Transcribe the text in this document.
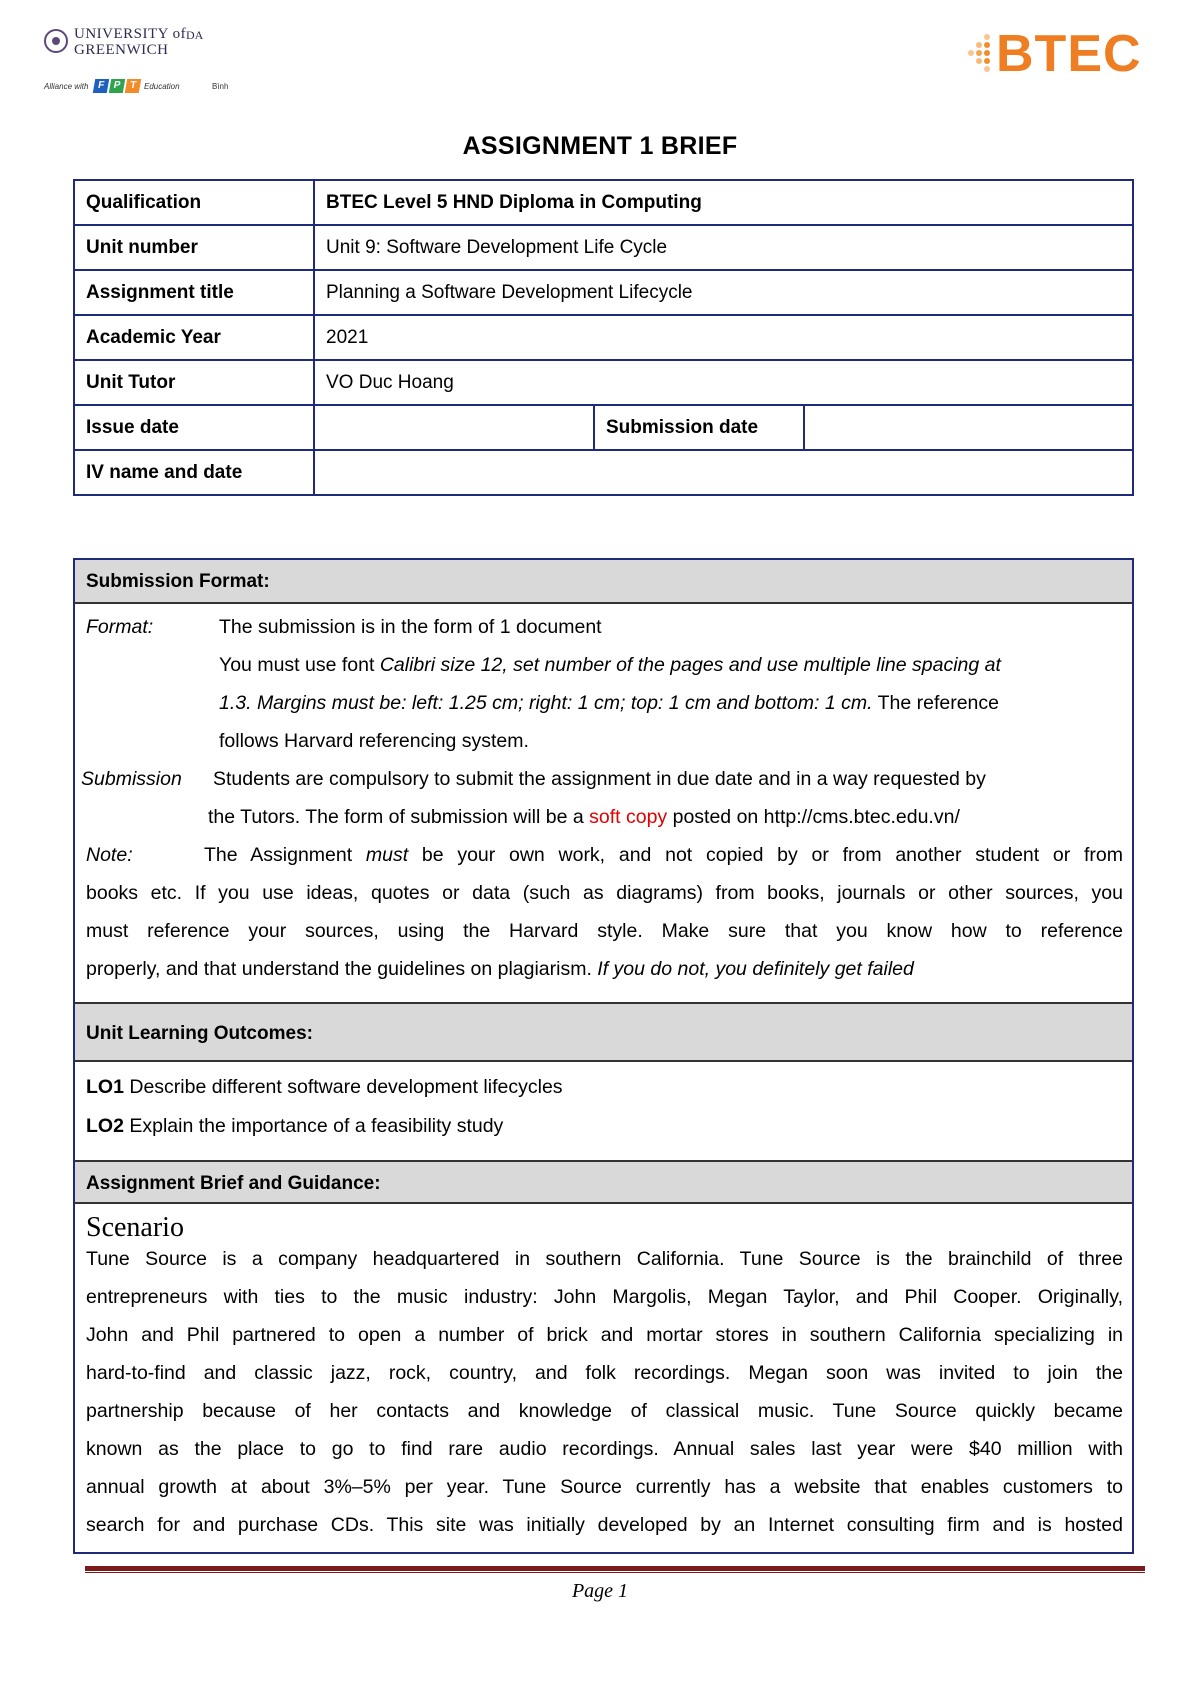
UNIVERSITY of
GREENWICH
DA
Alliance with F P T Education	Bình
BTEC
ASSIGNMENT 1 BRIEF
Qualification	BTEC Level 5 HND Diploma in Computing		
Unit number	Unit 9: Software Development Life Cycle		
Assignment title	Planning a Software Development Lifecycle		
Academic Year	2021		
Unit Tutor	VO Duc Hoang		
Issue date		Submission date	
IV name and date			
Submission Format:
Format:	The submission is in the form of 1 document
You must use font Calibri size 12, set number of the pages and use multiple line spacing at
1.3. Margins must be: left: 1.25 cm; right: 1 cm; top: 1 cm and bottom: 1 cm. The reference
follows Harvard referencing system.
Submission Students are compulsory to submit the assignment in due date and in a way requested by
the Tutors. The form of submission will be a soft copy posted on http://cms.btec.edu.vn/
Note:	The Assignment must be your own work, and not copied by or from another student or from
books etc. If you use ideas, quotes or data (such as diagrams) from books, journals or other sources, you
must reference your sources, using the Harvard style. Make sure that you know how to reference
properly, and that understand the guidelines on plagiarism. If you do not, you definitely get failed
Unit Learning Outcomes:
LO1 Describe different software development lifecycles
LO2 Explain the importance of a feasibility study
Assignment Brief and Guidance:
Scenario
Tune Source is a company headquartered in southern California. Tune Source is the brainchild of three
entrepreneurs with ties to the music industry: John Margolis, Megan Taylor, and Phil Cooper. Originally,
John and Phil partnered to open a number of brick and mortar stores in southern California specializing in
hard-to-find and classic jazz, rock, country, and folk recordings. Megan soon was invited to join the
partnership because of her contacts and knowledge of classical music. Tune Source quickly became
known as the place to go to find rare audio recordings. Annual sales last year were $40 million with
annual growth at about 3%–5% per year. Tune Source currently has a website that enables customers to
search for and purchase CDs. This site was initially developed by an Internet consulting firm and is hosted
Page 1
